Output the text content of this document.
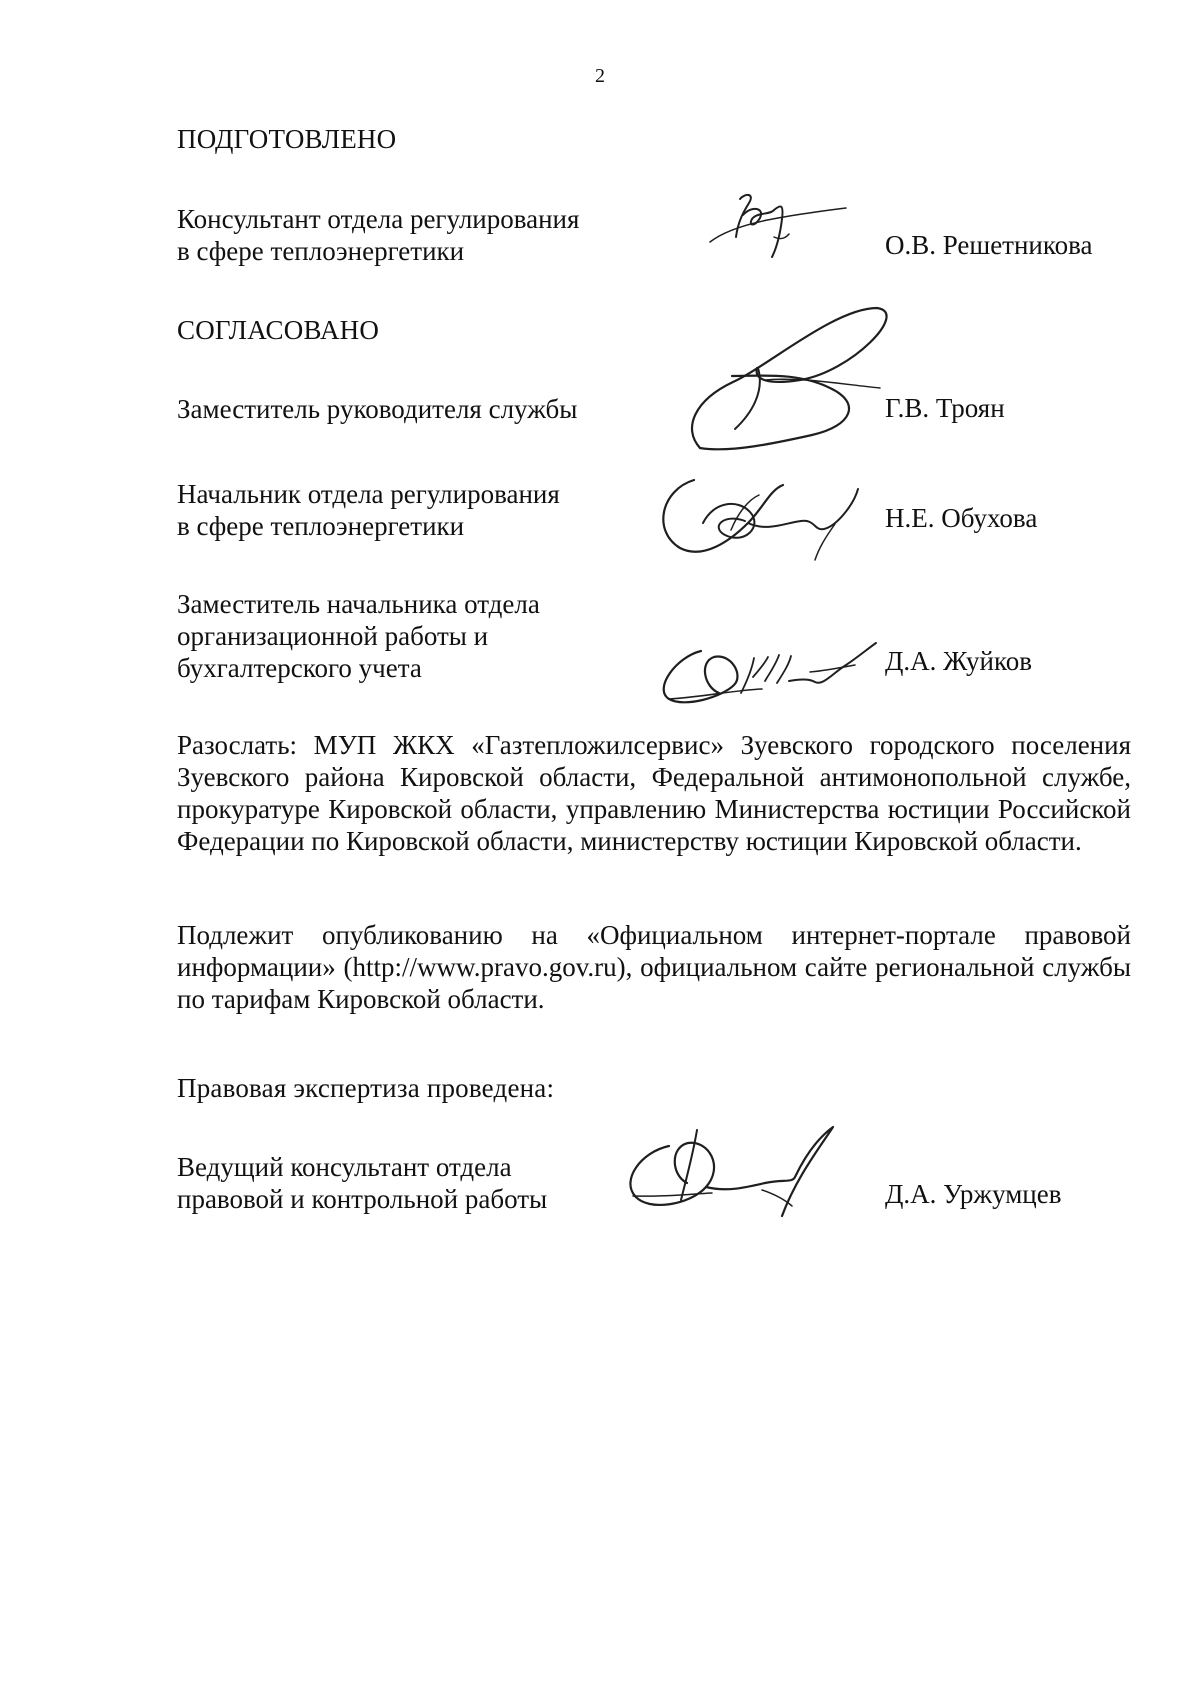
2
ПОДГОТОВЛЕНО
Консультант отдела регулирования
в сфере теплоэнергетики	О.В. Решетникова
СОГЛАСОВАНО
Заместитель руководителя службы	Г.В. Троян
Начальник отдела регулирования
в сфере теплоэнергетики	Н.Е. Обухова
Заместитель начальника отдела
организационной работы и
бухгалтерского учета	Д.А. Жуйков
Разослать: МУП ЖКХ «Газтепложилсервис» Зуевского городского поселения Зуевского района Кировской области, Федеральной антимонопольной службе, прокуратуре Кировской области, управлению Министерства юстиции Российской Федерации по Кировской области, министерству юстиции Кировской области.
Подлежит опубликованию на «Официальном интернет-портале правовой информации» (http://www.pravo.gov.ru), официальном сайте региональной службы по тарифам Кировской области.
Правовая экспертиза проведена:
Ведущий консультант отдела
правовой и контрольной работы	Д.А. Уржумцев
